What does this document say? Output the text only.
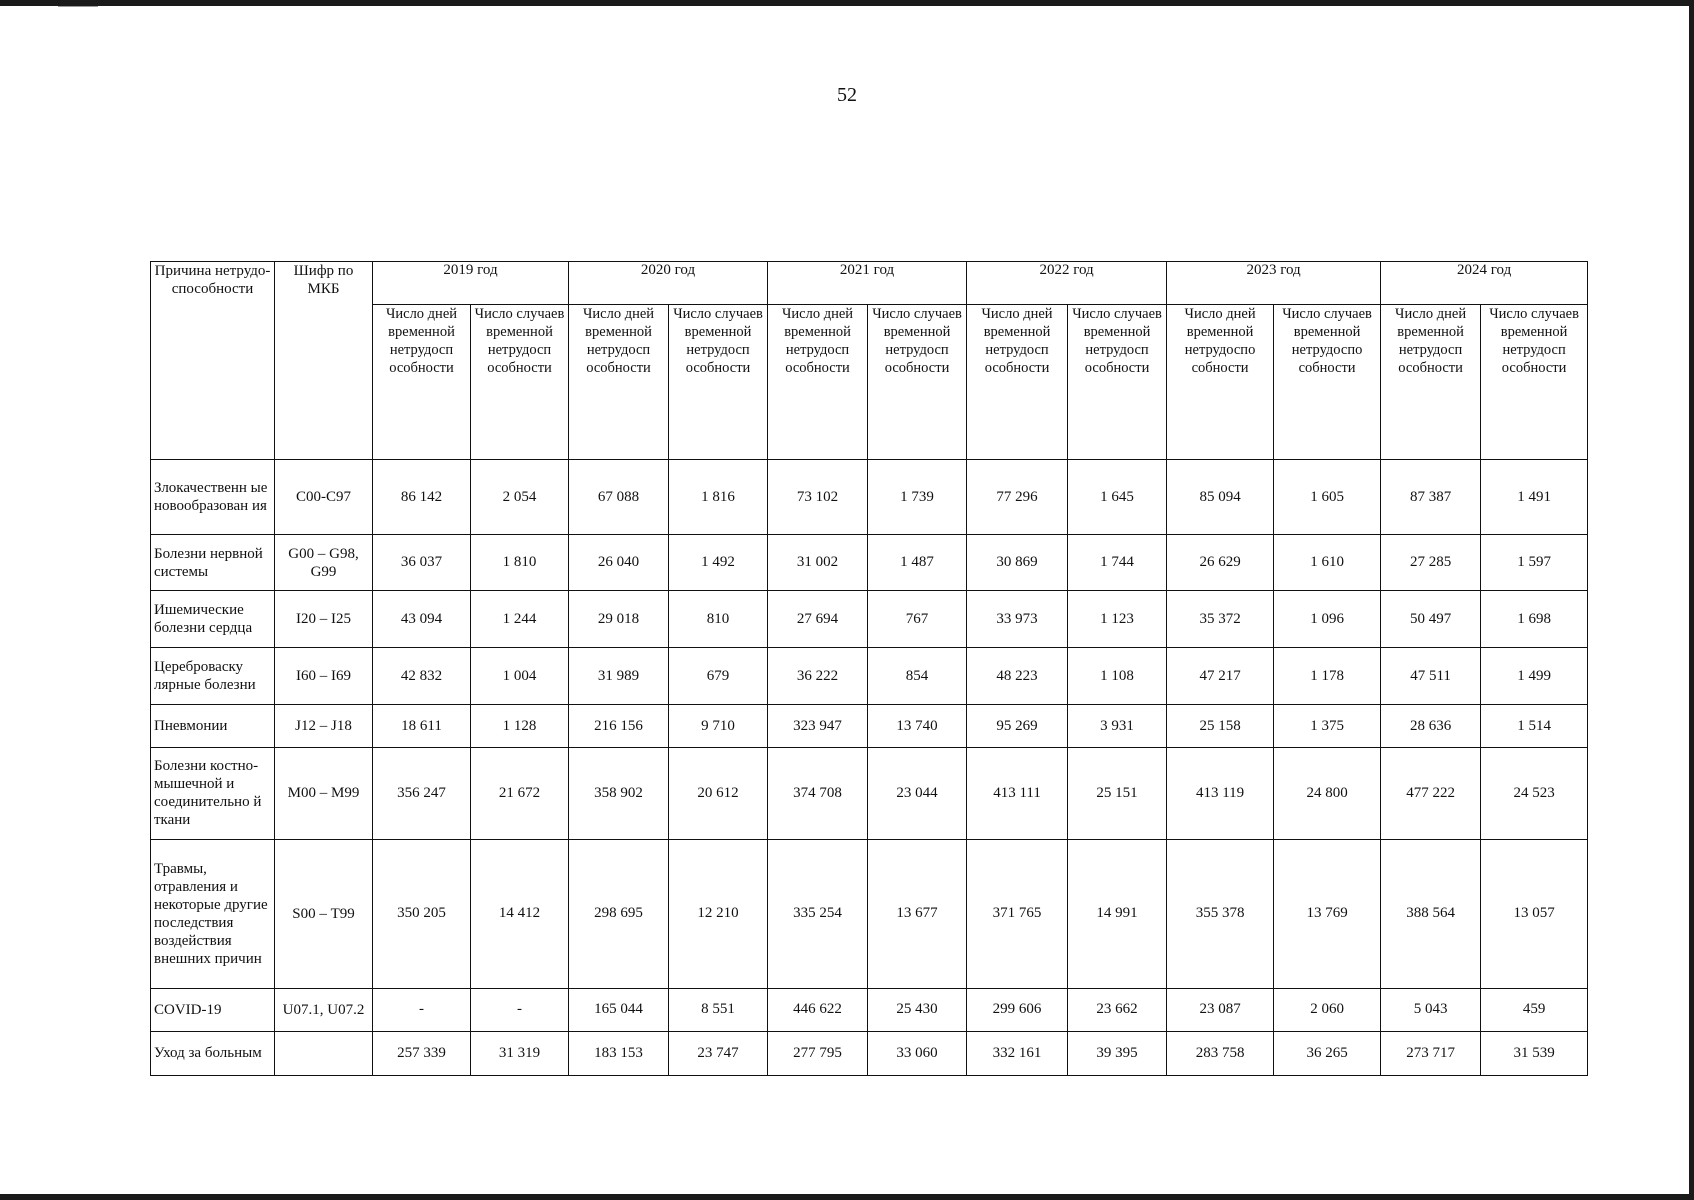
52
Причина нетрудо-способности	Шифр по МКБ	2019 год		2020 год		2021 год		2022 год		2023 год		2024 год	
		Число дней временной нетрудосп особности	Число случаев временной нетрудосп особности	Число дней временной нетрудосп особности	Число случаев временной нетрудосп особности	Число дней временной нетрудосп особности	Число случаев временной нетрудосп особности	Число дней временной нетрудосп особности	Число случаев временной нетрудосп особности	Число дней временной нетрудоспо собности	Число случаев временной нетрудоспо собности	Число дней временной нетрудосп особности	Число случаев временной нетрудосп особности
Злокачественн ые новообразован ия	С00-С97	86 142	2 054	67 088	1 816	73 102	1 739	77 296	1 645	85 094	1 605	87 387	1 491
Болезни нервной системы	G00 – G98, G99	36 037	1 810	26 040	1 492	31 002	1 487	30 869	1 744	26 629	1 610	27 285	1 597
Ишемические болезни сердца	I20 – I25	43 094	1 244	29 018	810	27 694	767	33 973	1 123	35 372	1 096	50 497	1 698
Цереброваску лярные болезни	I60 – I69	42 832	1 004	31 989	679	36 222	854	48 223	1 108	47 217	1 178	47 511	1 499
Пневмонии	J12 – J18	18 611	1 128	216 156	9 710	323 947	13 740	95 269	3 931	25 158	1 375	28 636	1 514
Болезни костно-мышечной и соединительно й ткани	М00 – М99	356 247	21 672	358 902	20 612	374 708	23 044	413 111	25 151	413 119	24 800	477 222	24 523
Травмы, отравления и некоторые другие последствия воздействия внешних причин	S00 – Т99	350 205	14 412	298 695	12 210	335 254	13 677	371 765	14 991	355 378	13 769	388 564	13 057
COVID-19	U07.1, U07.2	-	-	165 044	8 551	446 622	25 430	299 606	23 662	23 087	2 060	5 043	459
Уход за больным		257 339	31 319	183 153	23 747	277 795	33 060	332 161	39 395	283 758	36 265	273 717	31 539
